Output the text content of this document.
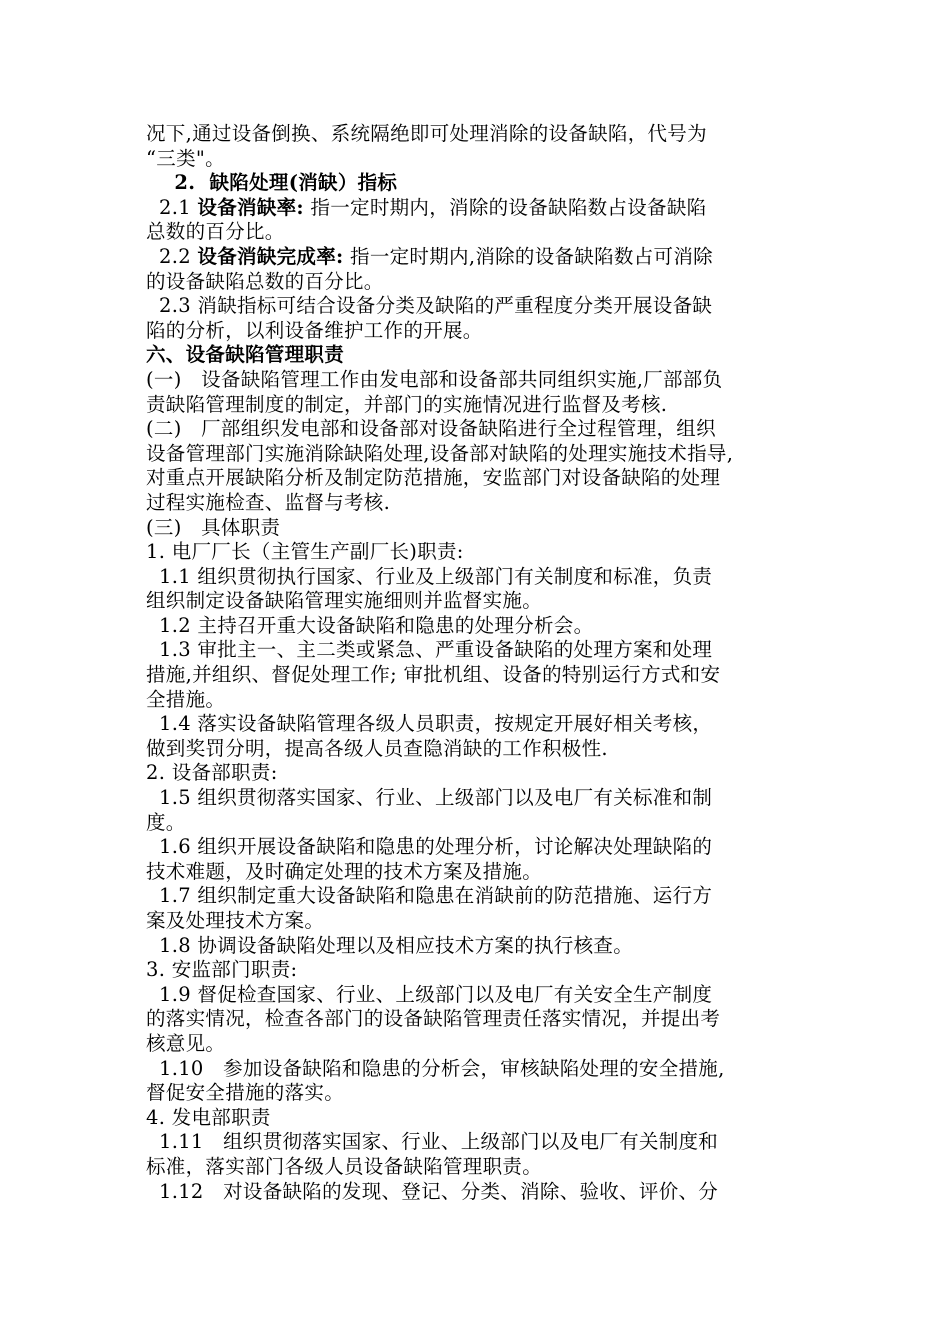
况下,通过设备倒换、系统隔绝即可处理消除的设备缺陷，代号为
“三类"。
2.  缺陷处理(消缺）指标
2.1 设备消缺率: 指一定时期内，消除的设备缺陷数占设备缺陷
总数的百分比。
2.2 设备消缺完成率: 指一定时期内,消除的设备缺陷数占可消除
的设备缺陷总数的百分比。
2.3 消缺指标可结合设备分类及缺陷的严重程度分类开展设备缺
陷的分析，以利设备维护工作的开展。
六、设备缺陷管理职责
(一)   设备缺陷管理工作由发电部和设备部共同组织实施,厂部部负
责缺陷管理制度的制定，并部门的实施情况进行监督及考核.
(二)   厂部组织发电部和设备部对设备缺陷进行全过程管理，组织
设备管理部门实施消除缺陷处理,设备部对缺陷的处理实施技术指导,
对重点开展缺陷分析及制定防范措施，安监部门对设备缺陷的处理
过程实施检查、监督与考核.
(三)   具体职责
1. 电厂厂长（主管生产副厂长)职责:
1.1 组织贯彻执行国家、行业及上级部门有关制度和标准，负责
组织制定设备缺陷管理实施细则并监督实施。
1.2 主持召开重大设备缺陷和隐患的处理分析会。
1.3 审批主一、主二类或紧急、严重设备缺陷的处理方案和处理
措施,并组织、督促处理工作; 审批机组、设备的特别运行方式和安
全措施。
1.4 落实设备缺陷管理各级人员职责，按规定开展好相关考核，
做到奖罚分明，提高各级人员查隐消缺的工作积极性.
2. 设备部职责:
1.5 组织贯彻落实国家、行业、上级部门以及电厂有关标准和制
度。
1.6 组织开展设备缺陷和隐患的处理分析，讨论解决处理缺陷的
技术难题，及时确定处理的技术方案及措施。
1.7 组织制定重大设备缺陷和隐患在消缺前的防范措施、运行方
案及处理技术方案。
1.8 协调设备缺陷处理以及相应技术方案的执行核查。
3. 安监部门职责:
1.9 督促检查国家、行业、上级部门以及电厂有关安全生产制度
的落实情况，检查各部门的设备缺陷管理责任落实情况，并提出考
核意见。
1.10   参加设备缺陷和隐患的分析会，审核缺陷处理的安全措施,
督促安全措施的落实。
4. 发电部职责
1.11   组织贯彻落实国家、行业、上级部门以及电厂有关制度和
标准，落实部门各级人员设备缺陷管理职责。
1.12   对设备缺陷的发现、登记、分类、消除、验收、评价、分
